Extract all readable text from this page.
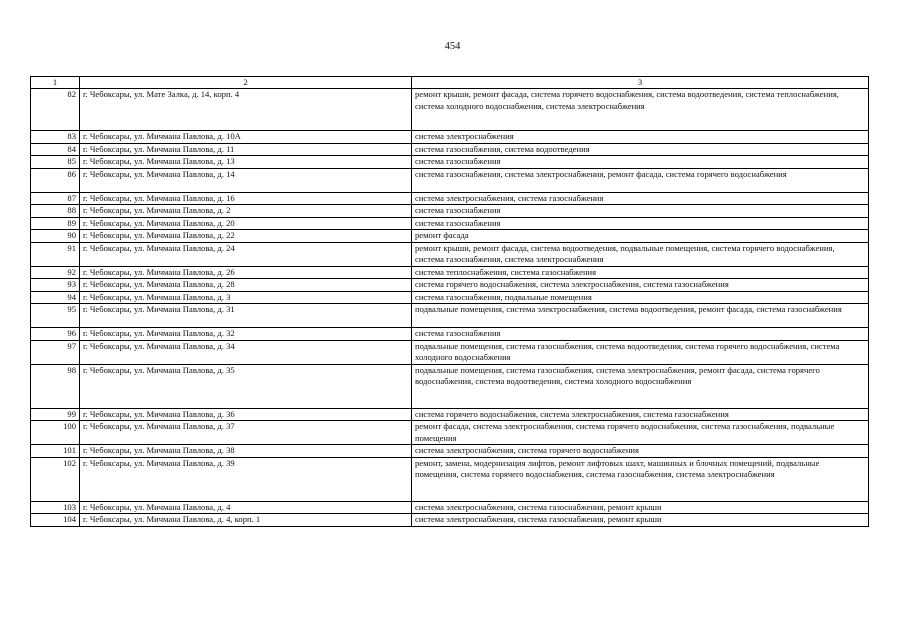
454
1	2	3
82	г. Чебоксары, ул. Мате Залка, д. 14, корп. 4	ремонт крыши, ремонт фасада, система горячего водоснабжения, система водоотведения, система теплоснабжения, система холодного водоснабжения, система электроснабжения
83	г. Чебоксары, ул. Мичмана Павлова, д. 10А	система электроснабжения
84	г. Чебоксары, ул. Мичмана Павлова, д. 11	система газоснабжения, система водоотведения
85	г. Чебоксары, ул. Мичмана Павлова, д. 13	система газоснабжения
86	г. Чебоксары, ул. Мичмана Павлова, д. 14	система газоснабжения, система электроснабжения, ремонт фасада, система горячего водоснабжения
87	г. Чебоксары, ул. Мичмана Павлова, д. 16	система электроснабжения, система газоснабжения
88	г. Чебоксары, ул. Мичмана Павлова, д. 2	система газоснабжения
89	г. Чебоксары, ул. Мичмана Павлова, д. 20	система газоснабжения
90	г. Чебоксары, ул. Мичмана Павлова, д. 22	ремонт фасада
91	г. Чебоксары, ул. Мичмана Павлова, д. 24	ремонт крыши, ремонт фасада, система водоотведения, подвальные помещения, система горячего водоснабжения, система газоснабжения, система электроснабжения
92	г. Чебоксары, ул. Мичмана Павлова, д. 26	система теплоснабжения, система газоснабжения
93	г. Чебоксары, ул. Мичмана Павлова, д. 28	система горячего водоснабжения, система электроснабжения, система газоснабжения
94	г. Чебоксары, ул. Мичмана Павлова, д. 3	система газоснабжения, подвальные помещения
95	г. Чебоксары, ул. Мичмана Павлова, д. 31	подвальные помещения, система электроснабжения, система водоотведения, ремонт фасада, система газоснабжения
96	г. Чебоксары, ул. Мичмана Павлова, д. 32	система газоснабжения
97	г. Чебоксары, ул. Мичмана Павлова, д. 34	подвальные помещения, система газоснабжения, система водоотведения, система горячего водоснабжения, система холодного водоснабжения
98	г. Чебоксары, ул. Мичмана Павлова, д. 35	подвальные помещения, система газоснабжения, система электроснабжения, ремонт фасада, система горячего водоснабжения, система водоотведения, система холодного водоснабжения
99	г. Чебоксары, ул. Мичмана Павлова, д. 36	система горячего водоснабжения, система электроснабжения, система газоснабжения
100	г. Чебоксары, ул. Мичмана Павлова, д. 37	ремонт фасада, система электроснабжения, система горячего водоснабжения, система газоснабжения, подвальные помещения
101	г. Чебоксары, ул. Мичмана Павлова, д. 38	система электроснабжения, система горячего водоснабжения
102	г. Чебоксары, ул. Мичмана Павлова, д. 39	ремонт, замена, модернизация лифтов, ремонт лифтовых шахт, машинных и блочных помещений, подвальные помещения, система горячего водоснабжения, система газоснабжения, система электроснабжения
103	г. Чебоксары, ул. Мичмана Павлова, д. 4	система электроснабжения, система газоснабжения, ремонт крыши
104	г. Чебоксары, ул. Мичмана Павлова, д. 4, корп. 1	система электроснабжения, система газоснабжения, ремонт крыши
